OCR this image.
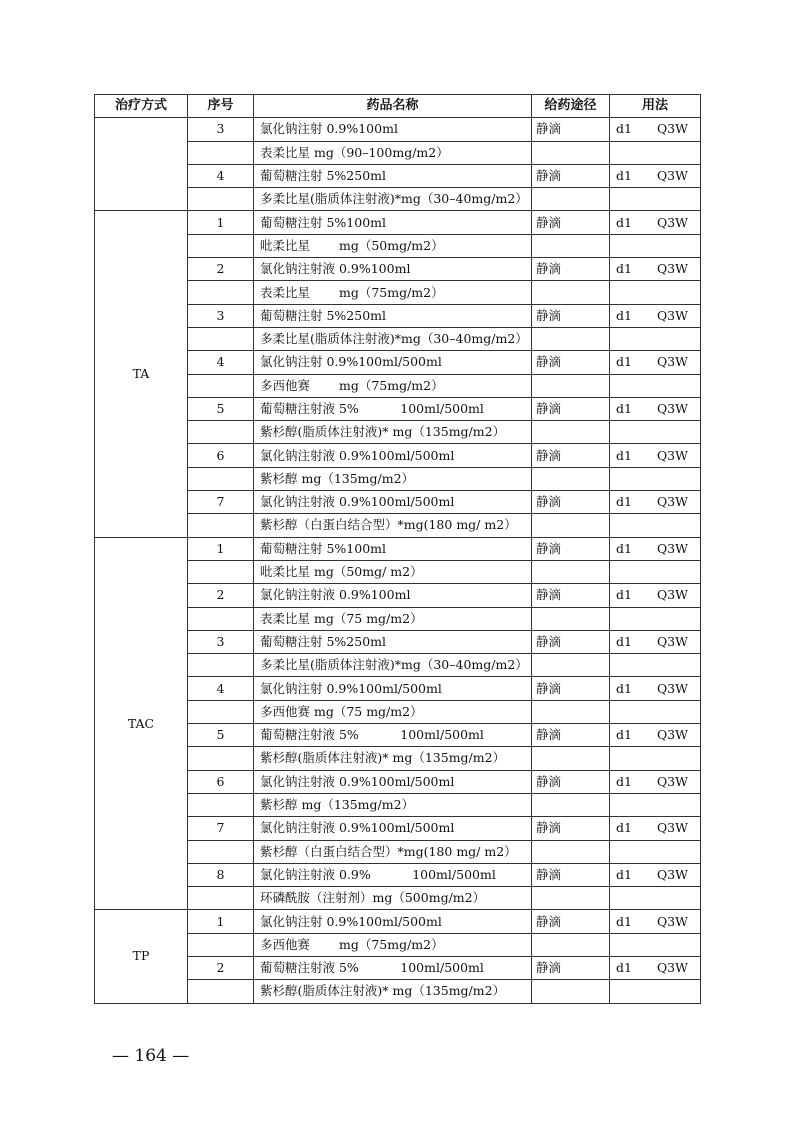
治疗方式	序号	药品名称	给药途径	用法
	3	氯化钠注射 0.9%100ml	静滴	d1 Q3W

		表柔比星 mg（90–100mg/m2）		

	4	葡萄糖注射 5%250ml	静滴	d1 Q3W

		多柔比星(脂质体注射液)*mg（30–40mg/m2）		

TA	1	葡萄糖注射 5%100ml	静滴	d1 Q3W

		吡柔比星　　 mg（50mg/m2）		

	2	氯化钠注射液 0.9%100ml	静滴	d1 Q3W

		表柔比星　　 mg（75mg/m2）		

	3	葡萄糖注射 5%250ml	静滴	d1 Q3W

		多柔比星(脂质体注射液)*mg（30–40mg/m2）		

	4	氯化钠注射 0.9%100ml/500ml	静滴	d1 Q3W

		多西他赛　　 mg（75mg/m2）		

	5	葡萄糖注射液 5%　　　 100ml/500ml	静滴	d1 Q3W

		紫杉醇(脂质体注射液)* mg（135mg/m2）		

	6	氯化钠注射液 0.9%100ml/500ml	静滴	d1 Q3W

		紫杉醇 mg（135mg/m2）		

	7	氯化钠注射液 0.9%100ml/500ml	静滴	d1 Q3W

		紫杉醇（白蛋白结合型）*mg(180 mg/ m2）		

TAC	1	葡萄糖注射 5%100ml	静滴	d1 Q3W

		吡柔比星 mg（50mg/ m2）		

	2	氯化钠注射液 0.9%100ml	静滴	d1 Q3W

		表柔比星 mg（75 mg/m2）		

	3	葡萄糖注射 5%250ml	静滴	d1 Q3W

		多柔比星(脂质体注射液)*mg（30–40mg/m2）		

	4	氯化钠注射 0.9%100ml/500ml	静滴	d1 Q3W

		多西他赛 mg（75 mg/m2）		

	5	葡萄糖注射液 5%　　　 100ml/500ml	静滴	d1 Q3W

		紫杉醇(脂质体注射液)* mg（135mg/m2）		

	6	氯化钠注射液 0.9%100ml/500ml	静滴	d1 Q3W

		紫杉醇 mg（135mg/m2）		

	7	氯化钠注射液 0.9%100ml/500ml	静滴	d1 Q3W

		紫杉醇（白蛋白结合型）*mg(180 mg/ m2）		

	8	氯化钠注射液 0.9%　　　 100ml/500ml	静滴	d1 Q3W

		环磷酰胺（注射剂）mg（500mg/m2）		

TP	1	氯化钠注射 0.9%100ml/500ml	静滴	d1 Q3W

		多西他赛　　 mg（75mg/m2）		

	2	葡萄糖注射液 5%　　　 100ml/500ml	静滴	d1 Q3W

		紫杉醇(脂质体注射液)* mg（135mg/m2）		
— 164 —
